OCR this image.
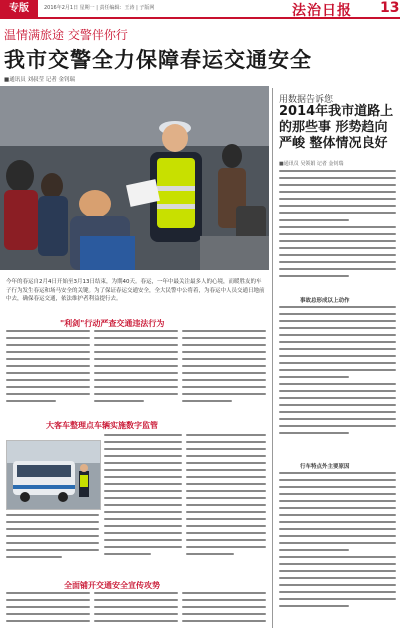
专版	2016年2月1日 星期一 | 责任编辑：王涛 | 子版网	法治日报 13
温情满旅途 交警伴你行
我市交警全力保障春运交通安全
■通讯员 刘叔莹 记者 金钊瑞
今年的春运自2月4日开始至3月13日结束，为期40天。春运，一年中最关注最多人的心境，而暖胜友的车子行为发生春运和场马安全的关键。为了保证春运交通安全，全大民警中公将着，为春运中人员交通日地前中去，确保春运交通，依法维护者利益提行去。
用数据告诉您
2014年我市道路上的那些事 形势趋向严峻 整体情况良好
■通讯员 吴领娟 记者 金钊瑞
事故总形成以上动作
行车特点外主要原因
"利剑"行动严查交通违法行为
大客车整理点车辆实施数字监管
全面铺开交通安全宣传攻势
